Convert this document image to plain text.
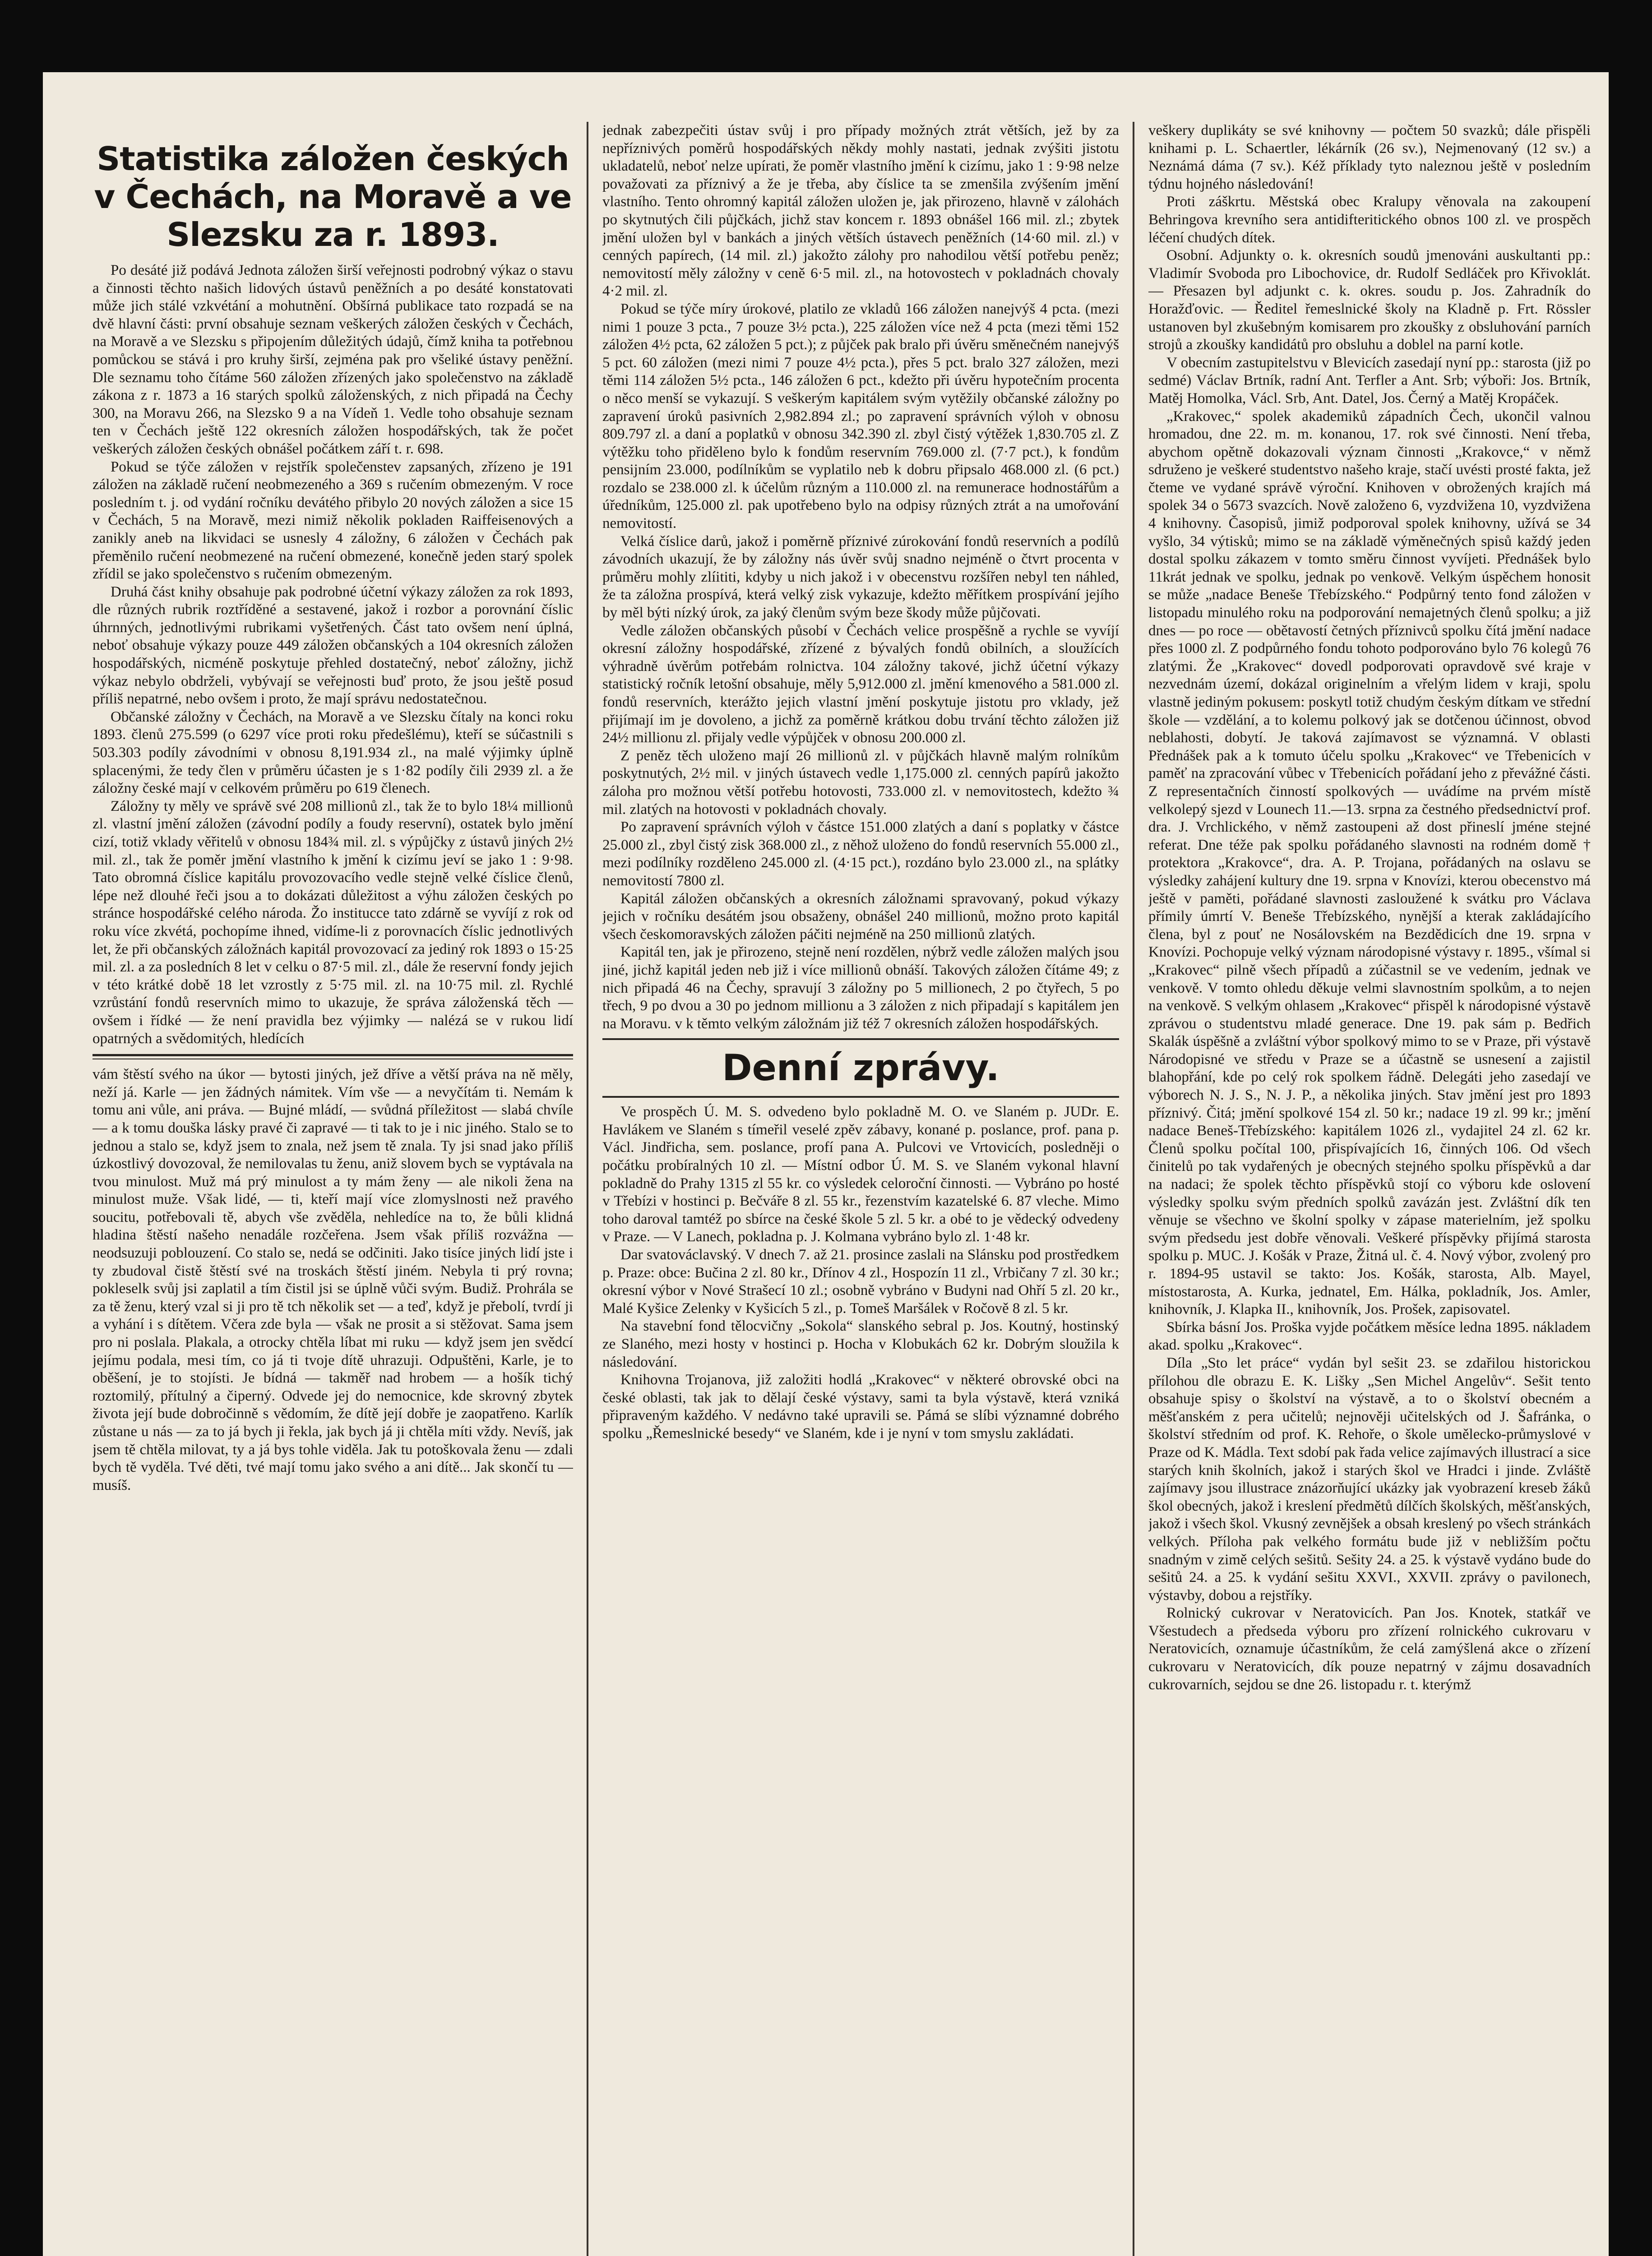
Statistika záložen českých v Čechách, na Moravě a ve Slezsku za r. 1893.

Po desáté již podává Jednota záložen širší veřejnosti podrobný výkaz o stavu a činnosti těchto našich lidových ústavů peněžních a po desáté konstatovati může jich stálé vzkvétání a mohutnění. Obšírná publikace tato rozpadá se na dvě hlavní části: první obsahuje seznam veškerých záložen českých v Čechách, na Moravě a ve Slezsku s připojením důležitých údajů, čímž kniha ta potřebnou pomůckou se stává i pro kruhy širší, zejména pak pro všeliké ústavy peněžní. Dle seznamu toho čítáme 560 záložen zřízených jako společenstvo na základě zákona z r. 1873 a 16 starých spolků záloženských, z nich připadá na Čechy 300, na Moravu 266, na Slezsko 9 a na Vídeň 1. Vedle toho obsahuje seznam ten v Čechách ještě 122 okresních záložen hospodářských, tak že počet veškerých záložen českých obnášel počátkem září t. r. 698.

Pokud se týče záložen v rejstřík společenstev zapsaných, zřízeno je 191 záložen na základě ručení neobmezeného a 369 s ručením obmezeným. V roce posledním t. j. od vydání ročníku devátého přibylo 20 nových záložen a sice 15 v Čechách, 5 na Moravě, mezi nimiž několik pokladen Raiffeisenových a zanikly aneb na likvidaci se usnesly 4 záložny, 6 záložen v Čechách pak přeměnilo ručení neobmezené na ručení obmezené, konečně jeden starý spolek zřídil se jako společenstvo s ručením obmezeným.

Druhá část knihy obsahuje pak podrobné účetní výkazy záložen za rok 1893, dle různých rubrik roztříděné a sestavené, jakož i rozbor a porovnání číslic úhrnných, jednotlivými rubrikami vyšetřených. Část tato ovšem není úplná, neboť obsahuje výkazy pouze 449 záložen občanských a 104 okresních záložen hospodářských, nicméně poskytuje přehled dostatečný, neboť záložny, jichž výkaz nebylo obdrželi, vybývají se veřejnosti buď proto, že jsou ještě posud příliš nepatrné, nebo ovšem i proto, že mají správu nedostatečnou.

Občanské záložny v Čechách, na Moravě a ve Slezsku čítaly na konci roku 1893. členů 275.599 (o 6297 více proti roku předešlému), kteří se súčastnili s 503.303 podíly závodními v obnosu 8,191.934 zl., na malé výjimky úplně splacenými, že tedy člen v průměru účasten je s 1·82 podíly čili 2939 zl. a že záložny české mají v celkovém průměru po 619 členech.

Záložny ty měly ve správě své 208 millionů zl., tak že to bylo 18¼ millionů zl. vlastní jmění záložen (závodní podíly a foudy reservní), ostatek bylo jmění cizí, totiž vklady věřitelů v obnosu 184¾ mil. zl. s výpůjčky z ústavů jiných 2½ mil. zl., tak že poměr jmění vlastního k jmění k cizímu jeví se jako 1 : 9·98. Tato obromná číslice kapitálu provozovacího vedle stejně velké číslice členů, lépe než dlouhé řeči jsou a to dokázati důležitost a výhu záložen českých po stránce hospodářské celého národa. Žo institucce tato zdárně se vyvíjí z rok od roku více zkvétá, pochopíme ihned, vidíme-li z porovnacích číslic jednotlivých let, že při občanských záložnách kapitál provozovací za jediný rok 1893 o 15·25 mil. zl. a za posledních 8 let v celku o 87·5 mil. zl., dále že reservní fondy jejich v této krátké době 18 let vzrostly z 5·75 mil. zl. na 10·75 mil. zl. Rychlé vzrůstání fondů reservních mimo to ukazuje, že správa záloženská těch — ovšem i řídké — že není pravidla bez výjimky — nalézá se v rukou lidí opatrných a svědomitých, hledících

vám štěstí svého na úkor — bytosti jiných, jež dříve a větší práva na ně měly, neží já. Karle — jen žádných námitek. Vím vše — a nevyčítám ti. Nemám k tomu ani vůle, ani práva. — Bujné mládí, — svůdná příležitost — slabá chvíle — a k tomu douška lásky pravé či zapravé — ti tak to je i nic jiného. Stalo se to jednou a stalo se, když jsem to znala, než jsem tě znala. Ty jsi snad jako příliš úzkostlivý dovozoval, že nemilovalas tu ženu, aniž slovem bych se vyptávala na tvou minulost. Muž má prý minulost a ty mám ženy — ale nikoli žena na minulost muže. Však lidé, — ti, kteří mají více zlomyslnosti než pravého soucitu, potřebovali tě, abych vše zvěděla, nehledíce na to, že bůli klidná hladina štěstí našeho nenadále rozčeřena. Jsem však příliš rozvážna — neodsuzuji poblouzení. Co stalo se, nedá se odčiniti. Jako tisíce jiných lidí jste i ty zbudoval čistě štěstí své na troskách štěstí jiném. Nebyla ti prý rovna; pokleselk svůj jsi zaplatil a tím čistil jsi se úplně vůči svým. Budiž. Prohrála se za tě ženu, který vzal si ji pro tě tch několik set — a teď, když je přebolí, tvrdí ji a vyhání i s dítětem. Včera zde byla — však ne prosit a si stěžovat. Sama jsem pro ni poslala. Plakala, a otrocky chtěla líbat mi ruku — když jsem jen svědcí jejímu podala, mesi tím, co já ti tvoje dítě uhrazuji. Odpuštěni, Karle, je to oběšení, je to stojísti. Je bídná — takměř nad hrobem — a hošík tichý roztomilý, přítulný a čiperný. Odvede jej do nemocnice, kde skrovný zbytek života její bude dobročinně s vědomím, že dítě její dobře je zaopatřeno. Karlík zůstane u nás — za to já bych ji řekla, jak bych já ji chtěla míti vždy. Nevíš, jak jsem tě chtěla milovat, ty a já bys tohle viděla. Jak tu potoškovala ženu — zdali bych tě vyděla. Tvé děti, tvé mají tomu jako svého a ani dítě... Jak skončí tu — musíš.

jednak zabezpečiti ústav svůj i pro případy možných ztrát větších, jež by za nepříznivých poměrů hospodářských někdy mohly nastati, jednak zvýšiti jistotu ukladatelů, neboť nelze upírati, že poměr vlastního jmění k cizímu, jako 1 : 9·98 nelze považovati za příznivý a že je třeba, aby číslice ta se zmenšila zvýšením jmění vlastního. Tento ohromný kapitál záložen uložen je, jak přirozeno, hlavně v zálohách po skytnutých čili půjčkách, jichž stav koncem r. 1893 obnášel 166 mil. zl.; zbytek jmění uložen byl v bankách a jiných větších ústavech peněžních (14·60 mil. zl.) v cenných papírech, (14 mil. zl.) jakožto zálohy pro nahodilou větší potřebu peněz; nemovitostí měly záložny v ceně 6·5 mil. zl., na hotovostech v pokladnách chovaly 4·2 mil. zl.

Pokud se týče míry úrokové, platilo ze vkladů 166 záložen nanejvýš 4 pcta. (mezi nimi 1 pouze 3 pcta., 7 pouze 3½ pcta.), 225 záložen více než 4 pcta (mezi těmi 152 záložen 4½ pcta, 62 záložen 5 pct.); z půjček pak bralo při úvěru směnečném nanejvýš 5 pct. 60 záložen (mezi nimi 7 pouze 4½ pcta.), přes 5 pct. bralo 327 záložen, mezi těmi 114 záložen 5½ pcta., 146 záložen 6 pct., kdežto při úvěru hypotečním procenta o něco menší se vykazují. S veškerým kapitálem svým vytěžily občanské záložny po zapravení úroků pasivních 2,982.894 zl.; po zapravení správních výloh v obnosu 809.797 zl. a daní a poplatků v obnosu 342.390 zl. zbyl čistý výtěžek 1,830.705 zl. Z výtěžku toho přiděleno bylo k fondům reservním 769.000 zl. (7·7 pct.), k fondům pensijním 23.000, podílníkům se vyplatilo neb k dobru připsalo 468.000 zl. (6 pct.) rozdalo se 238.000 zl. k účelům různým a 110.000 zl. na remunerace hodnostářům a úředníkům, 125.000 zl. pak upotřebeno bylo na odpisy různých ztrát a na umořování nemovitostí.

Velká číslice darů, jakož i poměrně příznivé zúrokování fondů reservních a podílů závodních ukazují, že by záložny nás úvěr svůj snadno nejméně o čtvrt procenta v průměru mohly zlíititi, kdyby u nich jakož i v obecenstvu rozšířen nebyl ten náhled, že ta záložna prospívá, která velký zisk vykazuje, kdežto měřítkem prospívání jejího by měl býti nízký úrok, za jaký členům svým beze škody může půjčovati.

Vedle záložen občanských působí v Čechách velice prospěšně a rychle se vyvíjí okresní záložny hospodářské, zřízené z bývalých fondů obilních, a sloužících výhradně úvěrům potřebám rolnictva. 104 záložny takové, jichž účetní výkazy statistický ročník letošní obsahuje, měly 5,912.000 zl. jmění kmenového a 581.000 zl. fondů reservních, kterážto jejich vlastní jmění poskytuje jistotu pro vklady, jež přijímají im je dovoleno, a jichž za poměrně krátkou dobu trvání těchto záložen již 24½ millionu zl. přijaly vedle výpůjček v obnosu 200.000 zl.

Z peněz těch uloženo mají 26 millionů zl. v půjčkách hlavně malým rolníkům poskytnutých, 2½ mil. v jiných ústavech vedle 1,175.000 zl. cenných papírů jakožto záloha pro možnou větší potřebu hotovosti, 733.000 zl. v nemovitostech, kdežto ¾ mil. zlatých na hotovosti v pokladnách chovaly.

Po zapravení správních výloh v částce 151.000 zlatých a daní s poplatky v částce 25.000 zl., zbyl čistý zisk 368.000 zl., z něhož uloženo do fondů reservních 55.000 zl., mezi podílníky rozděleno 245.000 zl. (4·15 pct.), rozdáno bylo 23.000 zl., na splátky nemovitostí 7800 zl.

Kapitál záložen občanských a okresních záložnami spravovaný, pokud výkazy jejich v ročníku desátém jsou obsaženy, obnášel 240 millionů, možno proto kapitál všech českomoravských záložen páčiti nejméně na 250 millionů zlatých.

Kapitál ten, jak je přirozeno, stejně není rozdělen, nýbrž vedle záložen malých jsou jiné, jichž kapitál jeden neb již i více millionů obnáší. Takových záložen čítáme 49; z nich připadá 46 na Čechy, spravují 3 záložny po 5 millionech, 2 po čtyřech, 5 po třech, 9 po dvou a 30 po jednom millionu a 3 záložen z nich připadají s kapitálem jen na Moravu. v k těmto velkým záložnám již též 7 okresních záložen hospodářských.

Denní zprávy.

Ve prospěch Ú. M. S. odvedeno bylo pokladně M. O. ve Slaném p. JUDr. E. Havlákem ve Slaném s tímeřil veselé zpěv zábavy, konané p. poslance, prof. pana p. Václ. Jindřicha, sem. poslance, profí pana A. Pulcovi ve Vrtovicích, posledněji o počátku probíralných 10 zl. — Místní odbor Ú. M. S. ve Slaném vykonal hlavní pokladně do Prahy 1315 zl 55 kr. co výsledek celoroční činnosti. — Vybráno po hosté v Třebízi v hostinci p. Bečváře 8 zl. 55 kr., řezenstvím kazatelské 6. 87 vleche. Mimo toho daroval tamtéž po sbírce na české škole 5 zl. 5 kr. a obé to je vědecký odvedeny v Praze. — V Lanech, pokladna p. J. Kolmana vybráno bylo zl. 1·48 kr.

Dar svatováclavský. V dnech 7. až 21. prosince zaslali na Slánsku pod prostředkem p. Praze: obce: Bučina 2 zl. 80 kr., Dřínov 4 zl., Hospozín 11 zl., Vrbičany 7 zl. 30 kr.; okresní výbor v Nové Strašecí 10 zl.; osobně vybráno v Budyni nad Ohří 5 zl. 20 kr., Malé Kyšice Zelenky v Kyšicích 5 zl., p. Tomeš Maršálek v Ročově 8 zl. 5 kr.

Na stavební fond tělocvičny „Sokola“ slanského sebral p. Jos. Koutný, hostinský ze Slaného, mezi hosty v hostinci p. Hocha v Klobukách 62 kr. Dobrým sloužila k následování.

Knihovna Trojanova, již založiti hodlá „Krakovec“ v některé obrovské obci na české oblasti, tak jak to dělají české výstavy, sami ta byla výstavě, která vzniká připraveným každého. V nedávno také upravili se. Pámá se slíbi významné dobrého spolku „Řemeslnické besedy“ ve Slaném, kde i je nyní v tom smyslu zakládati.

veškery duplikáty se své knihovny — počtem 50 svazků; dále přispěli knihami p. L. Schaertler, lékárník (26 sv.), Nejmenovaný (12 sv.) a Neznámá dáma (7 sv.). Kéž příklady tyto naleznou ještě v posledním týdnu hojného následování!

Proti záškrtu. Městská obec Kralupy věnovala na zakoupení Behringova krevního sera antidifteritického obnos 100 zl. ve prospěch léčení chudých dítek.

Osobní. Adjunkty o. k. okresních soudů jmenováni auskultanti pp.: Vladimír Svoboda pro Libochovice, dr. Rudolf Sedláček pro Křivoklát. — Přesazen byl adjunkt c. k. okres. soudu p. Jos. Zahradník do Horažďovic. — Ředitel řemeslnické školy na Kladně p. Frt. Rössler ustanoven byl zkušebným komisarem pro zkoušky z obsluhování parních strojů a zkoušky kandidátů pro obsluhu a doblel na parní kotle.

V obecním zastupitelstvu v Blevicích zasedají nyní pp.: starosta (již po sedmé) Václav Brtník, radní Ant. Terfler a Ant. Srb; výboři: Jos. Brtník, Matěj Homolka, Václ. Srb, Ant. Datel, Jos. Černý a Matěj Kropáček.

„Krakovec,“ spolek akademiků západních Čech, ukončil valnou hromadou, dne 22. m. m. konanou, 17. rok své činnosti. Není třeba, abychom opětně dokazovali význam činnosti „Krakovce,“ v němž sdruženo je veškeré studentstvo našeho kraje, stačí uvésti prosté fakta, jež čteme ve vydané správě výroční. Knihoven v obrožených krajích má spolek 34 o 5673 svazcích. Nově založeno 6, vyzdvižena 10, vyzdvižena 4 knihovny. Časopisů, jimiž podporoval spolek knihovny, užívá se 34 vyšlo, 34 výtisků; mimo se na základě výměnečných spisů každý jeden dostal spolku zákazem v tomto směru činnost vyvíjeti. Přednášek bylo 11krát jednak ve spolku, jednak po venkově. Velkým úspěchem honosit se může „nadace Beneše Třebízského.“ Podpůrný tento fond záložen v listopadu minulého roku na podporování nemajetných členů spolku; a již dnes — po roce — obětavostí četných příznivců spolku čítá jmění nadace přes 1000 zl. Z podpůrného fondu tohoto podporováno bylo 76 kolegů 76 zlatými. Že „Krakovec“ dovedl podporovati opravdově své kraje v nezvednám území, dokázal originelním a vřelým lidem v kraji, spolu vlastně jediným pokusem: poskytl totiž chudým českým dítkam ve střední škole — vzdělání, a to kolemu polkový jak se dotčenou účinnost, obvod neblahosti, dobytí. Je taková zajímavost se významná. V oblasti Přednášek pak a k tomuto účelu spolku „Krakovec“ ve Třebenicích v paměť na zpracování vůbec v Třebenicích pořádaní jeho z převážné části. Z representačních činností spolkových — uvádíme na prvém místě velkolepý sjezd v Lounech 11.—13. srpna za čestného předsednictví prof. dra. J. Vrchlického, v němž zastoupeni až dost přineslí jméne stejné referat. Dne téže pak spolku pořádaného slavnosti na rodném domě † protektora „Krakovce“, dra. A. P. Trojana, pořádaných na oslavu se výsledky zahájení kultury dne 19. srpna v Knovízi, kterou obecenstvo má ještě v paměti, pořádané slavnosti zasloužené k svátku pro Václava přímily úmrtí V. Beneše Třebízského, nynější a kterak zakládajícího člena, byl z pouť ne Nosálovském na Bezdědicích dne 19. srpna v Knovízi. Pochopuje velký význam národopisné výstavy r. 1895., všímal si „Krakovec“ pilně všech případů a zúčastnil se ve vedením, jednak ve venkově. V tomto ohledu děkuje velmi slavnostním spolkům, a to nejen na venkově. S velkým ohlasem „Krakovec“ přispěl k národopisné výstavě zprávou o studentstvu mladé generace. Dne 19. pak sám p. Bedřich Skalák úspěšně a zvláštní výbor spolkový mimo to se v Praze, při výstavě Národopisné ve středu v Praze se a účastně se usnesení a zajistil blahopřání, kde po celý rok spolkem řádně. Delegáti jeho zasedají ve výborech N. J. S., N. J. P., a několika jiných. Stav jmění jest pro 1893 příznivý. Čitá; jmění spolkové 154 zl. 50 kr.; nadace 19 zl. 99 kr.; jmění nadace Beneš-Třebízského: kapitálem 1026 zl., vydajitel 24 zl. 62 kr. Členů spolku počítal 100, přispívajících 16, činných 106. Od všech činitelů po tak vydařených je obecných stejného spolku příspěvků a dar na nadaci; že spolek těchto příspěvků stojí co výboru kde oslovení výsledky spolku svým předních spolků zavázán jest. Zvláštní dík ten věnuje se všechno ve školní spolky v zápase materielním, jež spolku svým předsedu jest dobře věnovali. Veškeré příspěvky přijímá starosta spolku p. MUC. J. Košák v Praze, Žitná ul. č. 4. Nový výbor, zvolený pro r. 1894-95 ustavil se takto: Jos. Košák, starosta, Alb. Mayel, místostarosta, A. Kurka, jednatel, Em. Hálka, pokladník, Jos. Amler, knihovník, J. Klapka II., knihovník, Jos. Prošek, zapisovatel.

Sbírka básní Jos. Proška vyjde počátkem měsíce ledna 1895. nákladem akad. spolku „Krakovec“.

Díla „Sto let práce“ vydán byl sešit 23. se zdařilou historickou přílohou dle obrazu E. K. Lišky „Sen Michel Angelův“. Sešit tento obsahuje spisy o školství na výstavě, a to o školství obecném a měšťanském z pera učitelů; nejnověji učitelských od J. Šafránka, o školství středním od prof. K. Rehoře, o škole umělecko-průmyslové v Praze od K. Mádla. Text sdobí pak řada velice zajímavých illustrací a sice starých knih školních, jakož i starých škol ve Hradci i jinde. Zvláště zajímavy jsou illustrace znázorňující ukázky jak vyobrazení kreseb žáků škol obecných, jakož i kreslení předmětů dílčích školských, měšťanských, jakož i všech škol. Vkusný zevnějšek a obsah kreslený po všech stránkách velkých. Příloha pak velkého formátu bude již v nebližším počtu snadným v zimě celých sešitů. Sešity 24. a 25. k výstavě vydáno bude do sešitů 24. a 25. k vydání sešitu XXVI., XXVII. zprávy o pavilonech, výstavby, dobou a rejstříky.

Rolnický cukrovar v Neratovicích. Pan Jos. Knotek, statkář ve Všestudech a předseda výboru pro zřízení rolnického cukrovaru v Neratovicích, oznamuje účastníkům, že celá zamýšlená akce o zřízení cukrovaru v Neratovicích, dík pouze nepatrný v zájmu dosavadních cukrovarních, sejdou se dne 26. listopadu r. t. kterýmž
